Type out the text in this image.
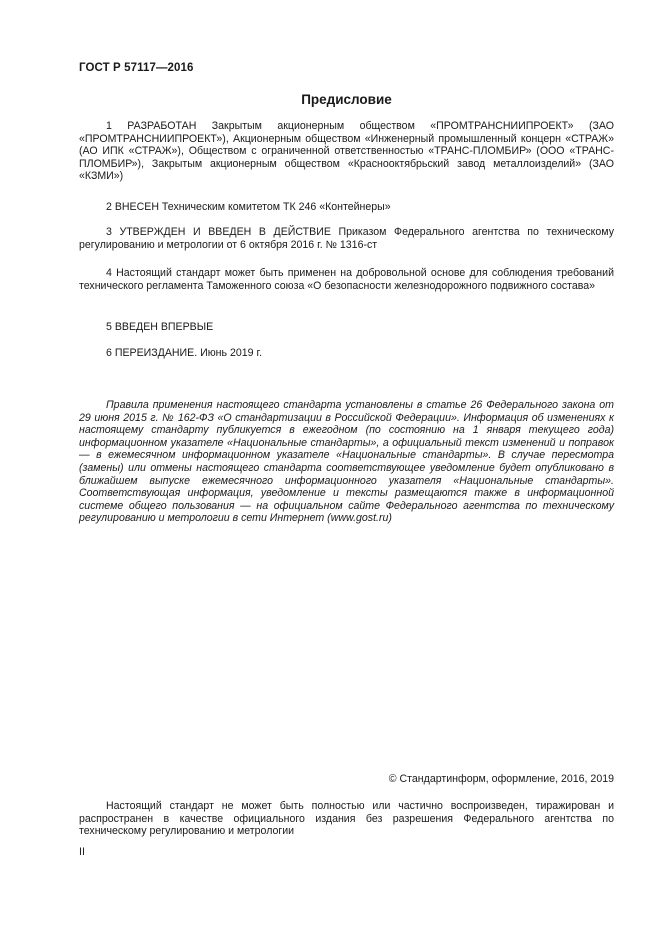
ГОСТ Р 57117—2016
Предисловие

1 РАЗРАБОТАН Закрытым акционерным обществом «ПРОМТРАНСНИИПРОЕКТ» (ЗАО «ПРОМТРАНСНИИПРОЕКТ»), Акционерным обществом «Инженерный промышленный концерн «СТРАЖ» (АО ИПК «СТРАЖ»), Обществом с ограниченной ответственностью «ТРАНС-ПЛОМБИР» (ООО «ТРАНС-ПЛОМБИР»), Закрытым акционерным обществом «Краснооктябрьский завод металлоизделий» (ЗАО «КЗМИ»)

2 ВНЕСЕН Техническим комитетом ТК 246 «Контейнеры»

3 УТВЕРЖДЕН И ВВЕДЕН В ДЕЙСТВИЕ Приказом Федерального агентства по техническому регулированию и метрологии от 6 октября 2016 г. № 1316-ст

4 Настоящий стандарт может быть применен на добровольной основе для соблюдения требований технического регламента Таможенного союза «О безопасности железнодорожного подвижного состава»

5 ВВЕДЕН ВПЕРВЫЕ

6 ПЕРЕИЗДАНИЕ. Июнь 2019 г.

Правила применения настоящего стандарта установлены в статье 26 Федерального закона от 29 июня 2015 г. № 162-ФЗ «О стандартизации в Российской Федерации». Информация об изменениях к настоящему стандарту публикуется в ежегодном (по состоянию на 1 января текущего года) информационном указателе «Национальные стандарты», а официальный текст изменений и поправок — в ежемесячном информационном указателе «Национальные стандарты». В случае пересмотра (замены) или отмены настоящего стандарта соответствующее уведомление будет опубликовано в ближайшем выпуске ежемесячного информационного указателя «Национальные стандарты». Соответствующая информация, уведомление и тексты размещаются также в информационной системе общего пользования — на официальном сайте Федерального агентства по техническому регулированию и метрологии в сети Интернет (www.gost.ru)

© Стандартинформ, оформление, 2016, 2019

Настоящий стандарт не может быть полностью или частично воспроизведен, тиражирован и распространен в качестве официального издания без разрешения Федерального агентства по техническому регулированию и метрологии

II
